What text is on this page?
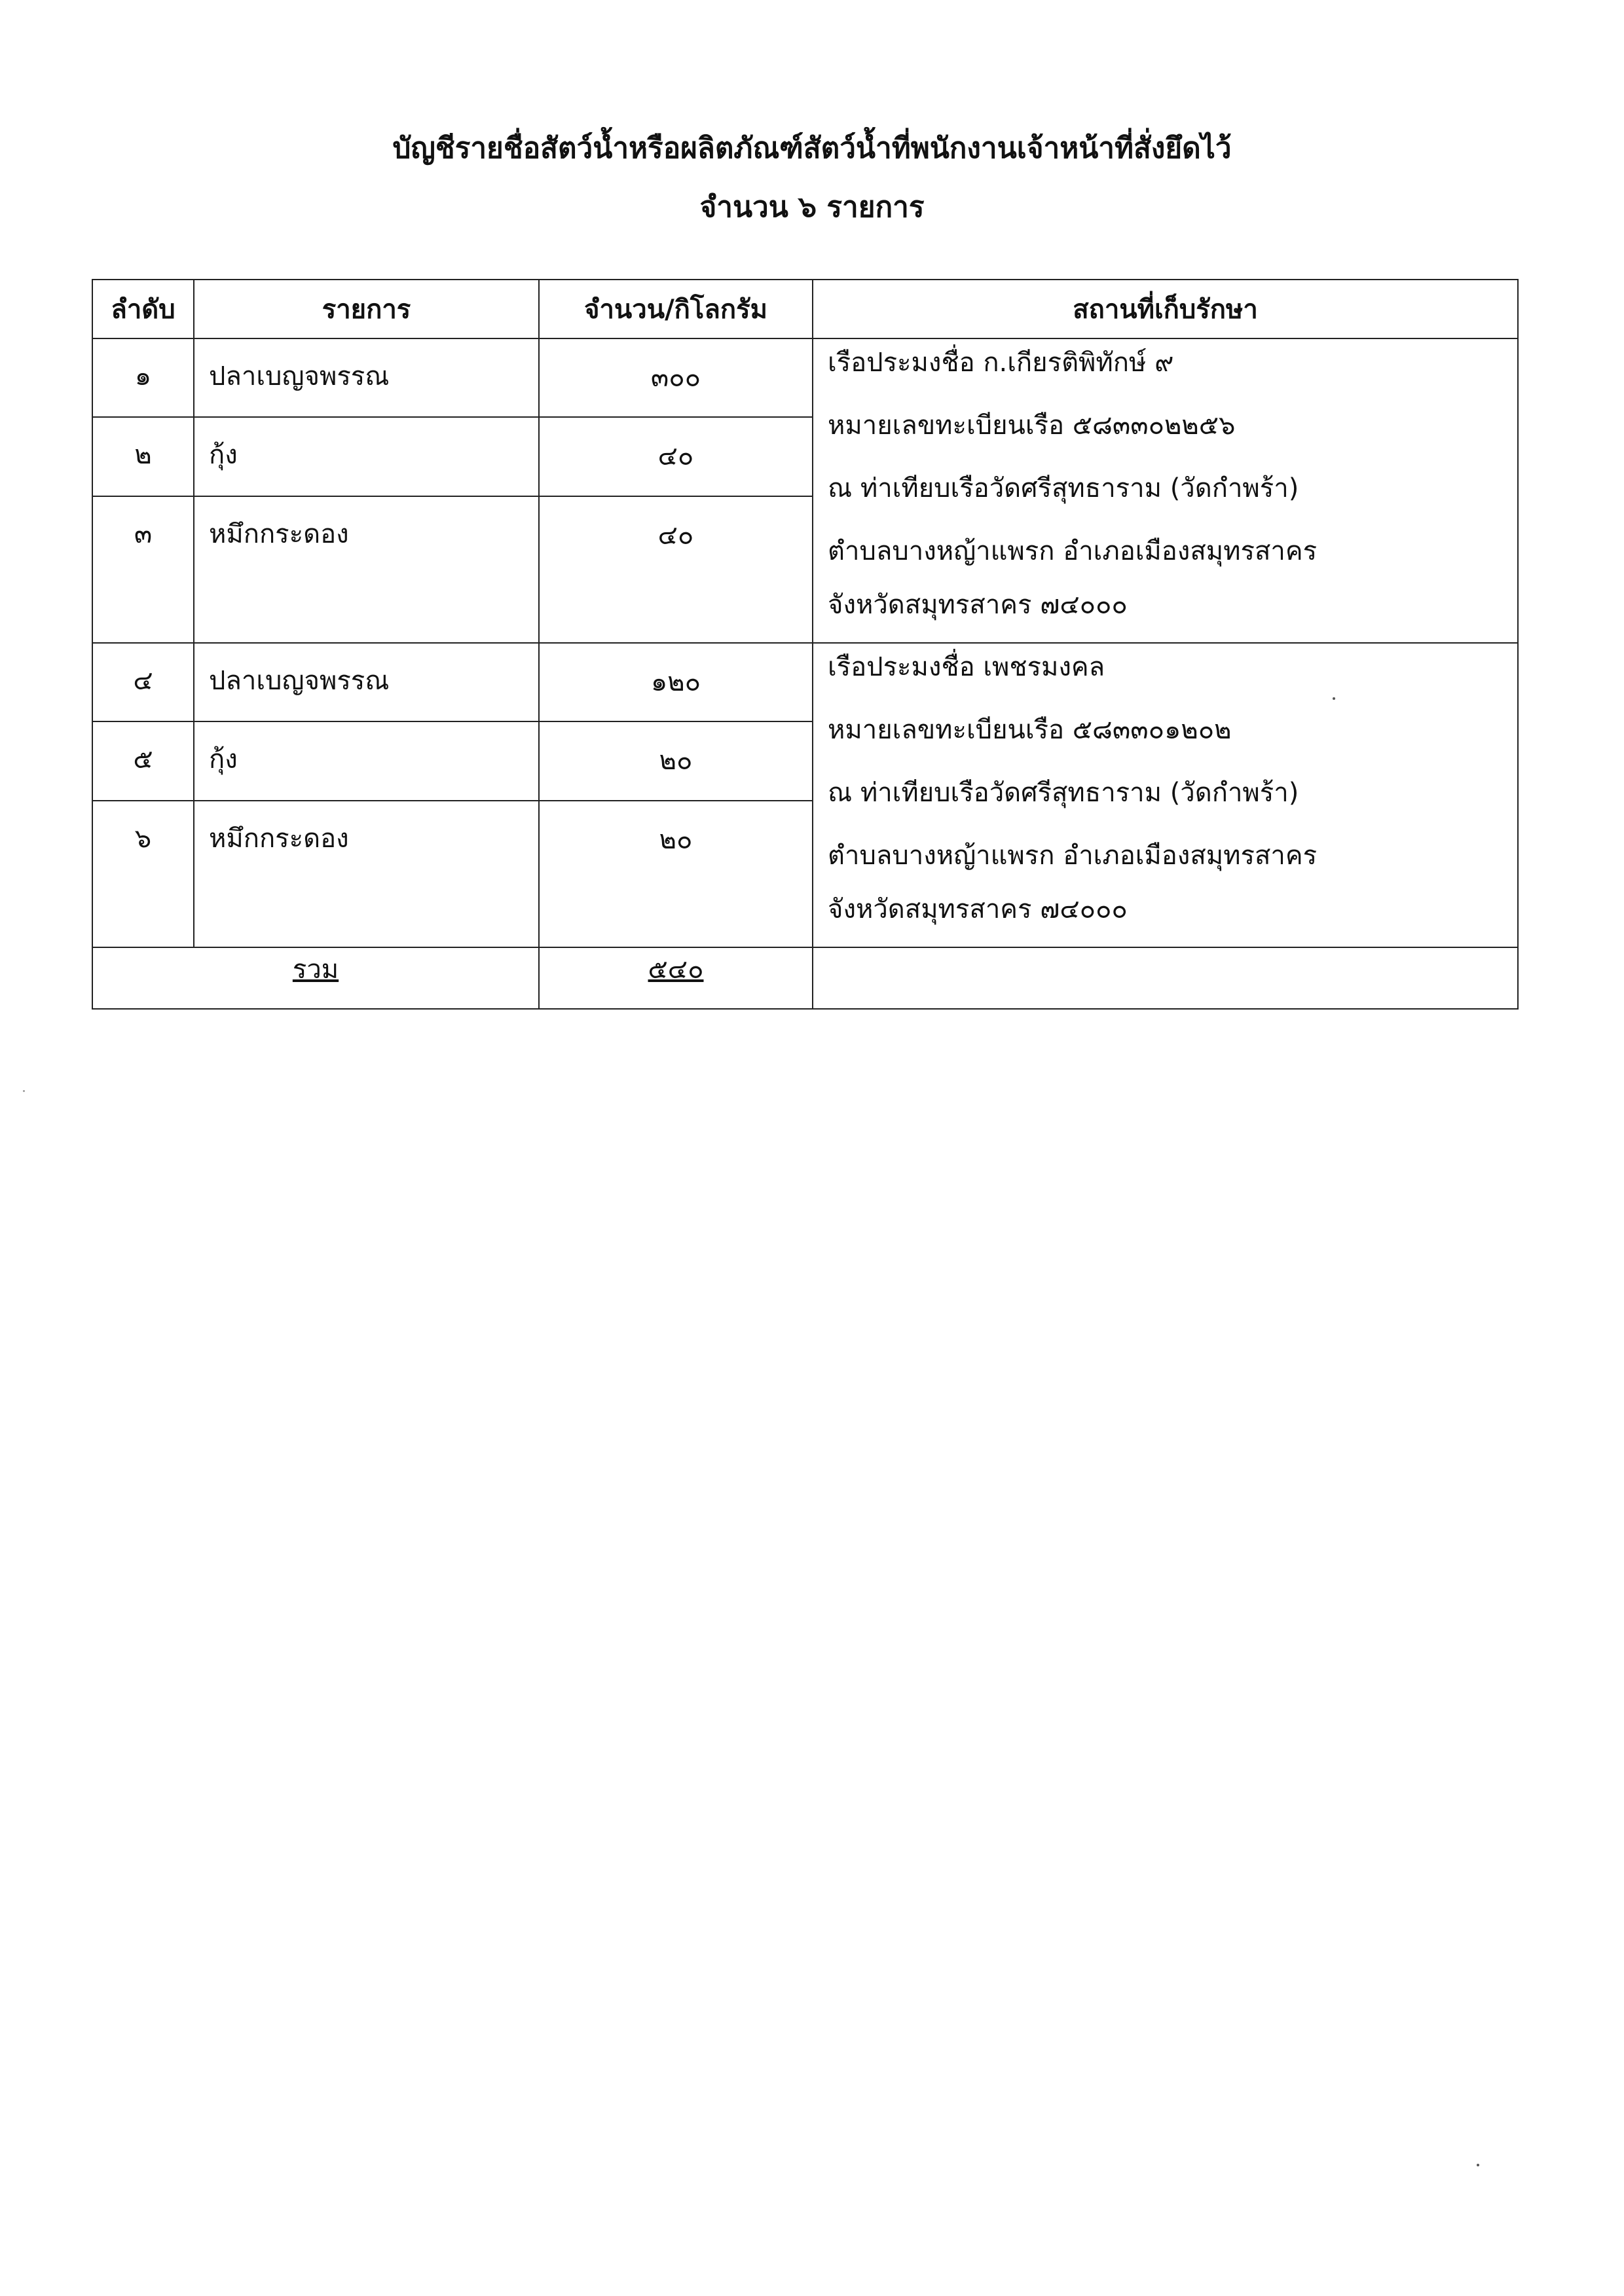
บัญชีรายชื่อสัตว์น้ำหรือผลิตภัณฑ์สัตว์น้ำที่พนักงานเจ้าหน้าที่สั่งยึดไว้
จำนวน ๖ รายการ
ลำดับ	รายการ	จำนวน/กิโลกรัม	สถานที่เก็บรักษา
๑	ปลาเบญจพรรณ	๓๐๐	เรือประมงชื่อ ก.เกียรติพิทักษ์ ๙
หมายเลขทะเบียนเรือ ๕๘๓๓๐๒๒๕๖
ณ ท่าเทียบเรือวัดศรีสุทธาราม (วัดกำพร้า)
ตำบลบางหญ้าแพรก อำเภอเมืองสมุทรสาคร
จังหวัดสมุทรสาคร ๗๔๐๐๐

๒	กุ้ง	๔๐	
๓	หมึกกระดอง	๔๐	
๔	ปลาเบญจพรรณ	๑๒๐	เรือประมงชื่อ เพชรมงคล
หมายเลขทะเบียนเรือ ๕๘๓๓๐๑๒๐๒
ณ ท่าเทียบเรือวัดศรีสุทธาราม (วัดกำพร้า)
ตำบลบางหญ้าแพรก อำเภอเมืองสมุทรสาคร
จังหวัดสมุทรสาคร ๗๔๐๐๐

๕	กุ้ง	๒๐	
๖	หมึกกระดอง	๒๐	
รวม		๕๔๐	
